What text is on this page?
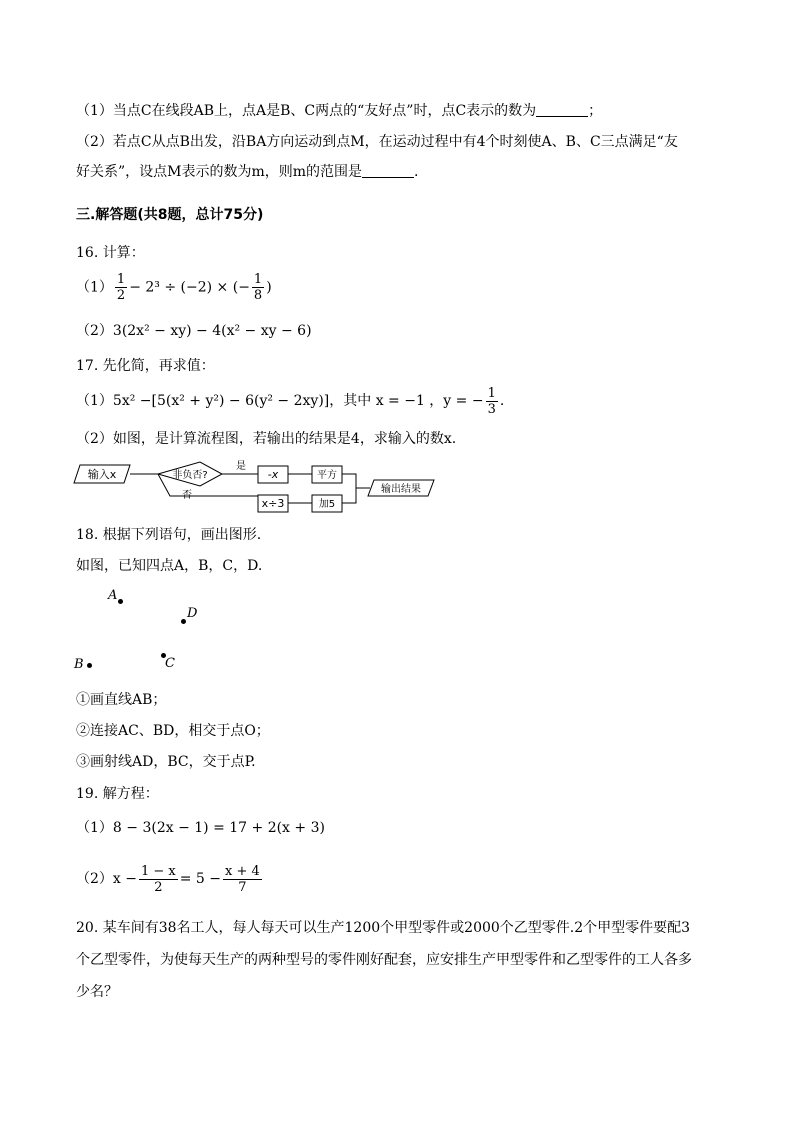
（1）当点C在线段AB上，点A是B、C两点的“友好点”时，点C表示的数为	；
（2）若点C从点B出发，沿BA方向运动到点M，在运动过程中有4个时刻使A、B、C三点满足“友
好关系”，设点M表示的数为m，则m的范围是	.
三.解答题(共8题，总计75分)
16. 计算：
$(1) \frac{1}{2} - 2^3 \div (-2)$ × (− $\frac{1}{8}$ )
（2）3(2x² − xy) − 4(x² − xy − 6)
17. 先化简，再求值：
（1）5x² −[5(x² + y²) − 6(y² − 2xy)]，其中 x = −1 ，y = − $\frac{1}{3}$ .
（2）如图，是计算流程图，若输出的结果是4，求输入的数x.
输入x	非负否?
是
-x	平方
否
x÷3	加5
输出结果
18. 根据下列语句，画出图形.
如图，已知四点A，B，C，D.
A
D
B	C
①画直线AB；
②连接AC、BD，相交于点O；
③画射线AD，BC，交于点P.
19. 解方程：
（1）8 − 3(2x − 1) = 17 + 2(x + 3)
$(2)x - \frac{1 - x}{2} = 5 - \frac{x + 4}{7}$
20. 某车间有38名工人，每人每天可以生产1200个甲型零件或2000个乙型零件.2个甲型零件要配3
个乙型零件，为使每天生产的两种型号的零件刚好配套，应安排生产甲型零件和乙型零件的工人各多
少名？
